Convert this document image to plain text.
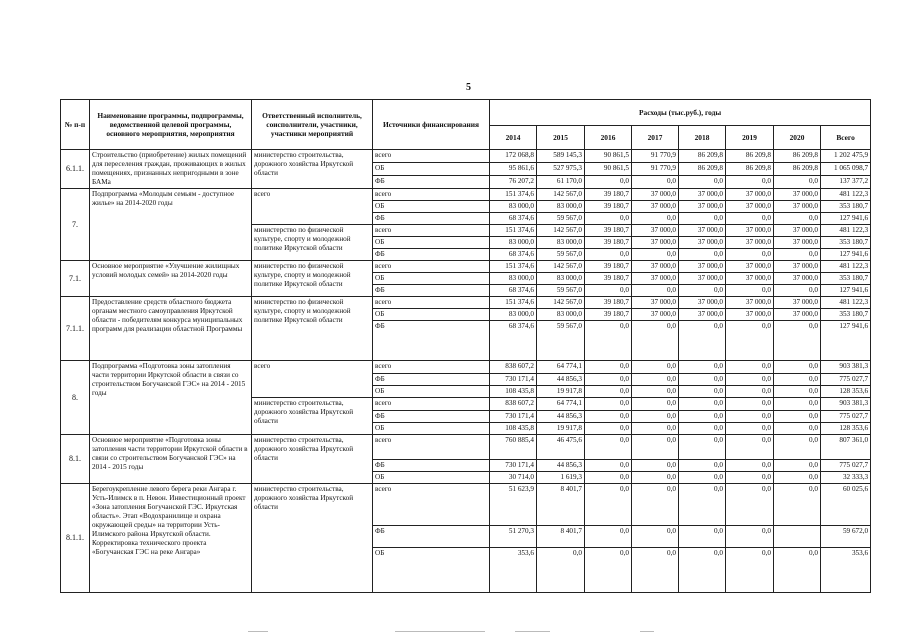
5
№ п-п	Наименование программы, подпрограммы, ведомственной целевой программы, основного мероприятия, мероприятия	Ответственный исполнитель, соисполнители, участники, участники мероприятий	Источники финансирования	Расходы (тыс.руб.), годы							
				2014	2015	2016	2017	2018	2019	2020	Всего
6.1.1.	Строительство (приобретение) жилых помещений для переселения граждан, проживающих в жилых помещениях, признанных непригодными в зоне БАМа	министерство строительства, дорожного хозяйства Иркутской области	всего	172 068,8	589 145,3	90 861,5	91 770,9	86 209,8	86 209,8	86 209,8	1 202 475,9
			ОБ	95 861,6	527 975,3	90 861,5	91 770,9	86 209,8	86 209,8	86 209,8	1 065 098,7
			ФБ	76 207,2	61 170,0	0,0	0,0	0,0	0,0	0,0	137 377,2
7.	Подпрограмма «Молодым семьям - доступное жилье» на 2014-2020 годы	всего	всего	151 374,6	142 567,0	39 180,7	37 000,0	37 000,0	37 000,0	37 000,0	481 122,3
			ОБ	83 000,0	83 000,0	39 180,7	37 000,0	37 000,0	37 000,0	37 000,0	353 180,7
			ФБ	68 374,6	59 567,0	0,0	0,0	0,0	0,0	0,0	127 941,6
		министерство по физической культуре, спорту и молодежной политике Иркутской области	всего	151 374,6	142 567,0	39 180,7	37 000,0	37 000,0	37 000,0	37 000,0	481 122,3
			ОБ	83 000,0	83 000,0	39 180,7	37 000,0	37 000,0	37 000,0	37 000,0	353 180,7
			ФБ	68 374,6	59 567,0	0,0	0,0	0,0	0,0	0,0	127 941,6
7.1.	Основное мероприятие «Улучшение жилищных условий молодых семей» на 2014-2020 годы	министерство по физической культуре, спорту и молодежной политике Иркутской области	всего	151 374,6	142 567,0	39 180,7	37 000,0	37 000,0	37 000,0	37 000,0	481 122,3
			ОБ	83 000,0	83 000,0	39 180,7	37 000,0	37 000,0	37 000,0	37 000,0	353 180,7
			ФБ	68 374,6	59 567,0	0,0	0,0	0,0	0,0	0,0	127 941,6
7.1.1.	Предоставление средств областного бюджета органам местного самоуправления Иркутской области - победителям конкурса муниципальных программ для реализации областной Программы	министерство по физической культуре, спорту и молодежной политике Иркутской области	всего	151 374,6	142 567,0	39 180,7	37 000,0	37 000,0	37 000,0	37 000,0	481 122,3
			ОБ	83 000,0	83 000,0	39 180,7	37 000,0	37 000,0	37 000,0	37 000,0	353 180,7
			ФБ	68 374,6	59 567,0	0,0	0,0	0,0	0,0	0,0	127 941,6
8.	Подпрограмма «Подготовка зоны затопления части территории Иркутской области в связи со строительством Богучанской ГЭС» на 2014 - 2015 годы	всего	всего	838 607,2	64 774,1	0,0	0,0	0,0	0,0	0,0	903 381,3
			ФБ	730 171,4	44 856,3	0,0	0,0	0,0	0,0	0,0	775 027,7
			ОБ	108 435,8	19 917,8	0,0	0,0	0,0	0,0	0,0	128 353,6
		министерство строительства, дорожного хозяйства Иркутской области	всего	838 607,2	64 774,1	0,0	0,0	0,0	0,0	0,0	903 381,3
			ФБ	730 171,4	44 856,3	0,0	0,0	0,0	0,0	0,0	775 027,7
			ОБ	108 435,8	19 917,8	0,0	0,0	0,0	0,0	0,0	128 353,6
8.1.	Основное мероприятие «Подготовка зоны затопления части территории Иркутской области в связи со строительством Богучанской ГЭС» на 2014 - 2015 годы	министерство строительства, дорожного хозяйства Иркутской области	всего	760 885,4	46 475,6	0,0	0,0	0,0	0,0	0,0	807 361,0
			ФБ	730 171,4	44 856,3	0,0	0,0	0,0	0,0	0,0	775 027,7
			ОБ	30 714,0	1 619,3	0,0	0,0	0,0	0,0	0,0	32 333,3
8.1.1.	Берегоукрепление левого берега реки Ангара г. Усть-Илимск в п. Невон. Инвестиционный проект «Зона затопления Богучанской ГЭС. Иркутская область». Этап «Водохранилище и охрана окружающей среды» на территории Усть-Илимского района Иркутской области. Корректировка технического проекта «Богучанская ГЭС на реке Ангара»	министерство строительства, дорожного хозяйства Иркутской области	всего	51 623,9	8 401,7	0,0	0,0	0,0	0,0	0,0	60 025,6
			ФБ	51 270,3	8 401,7	0,0	0,0	0,0	0,0		59 672,0
			ОБ	353,6	0,0	0,0	0,0	0,0	0,0	0,0	353,6
